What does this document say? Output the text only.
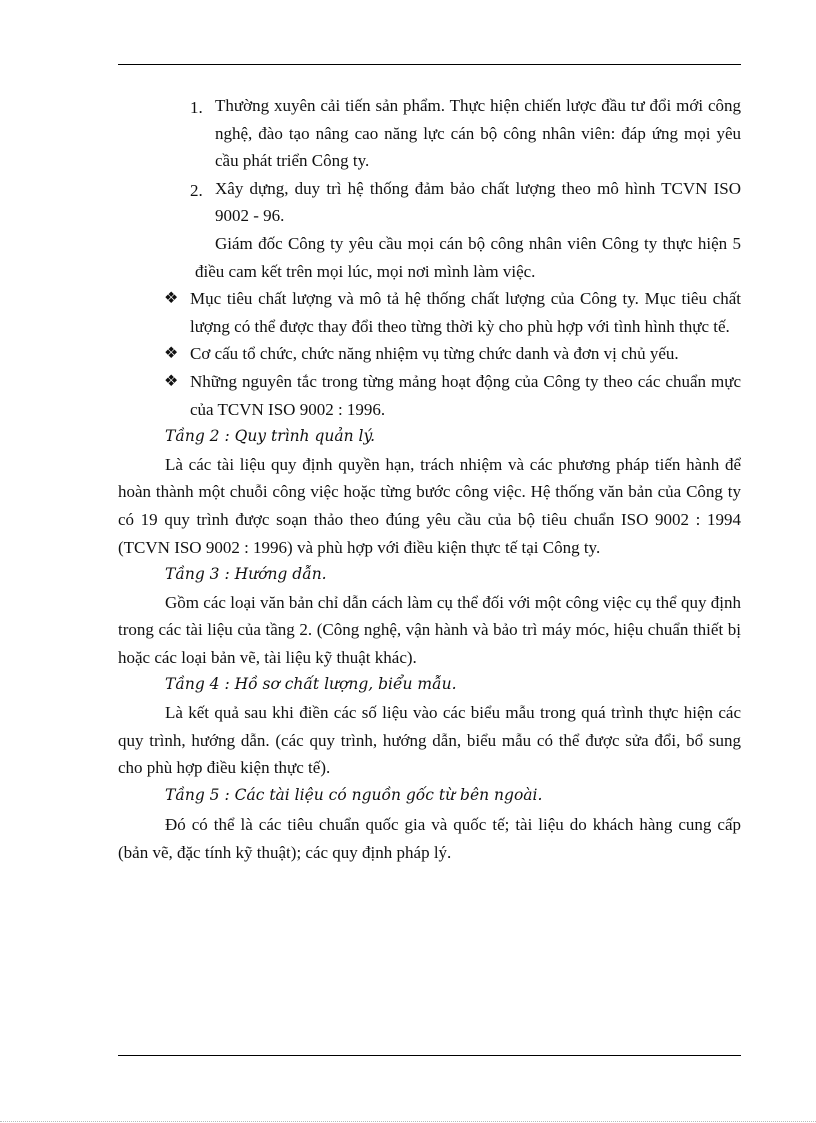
1. Thường xuyên cải tiến sản phẩm. Thực hiện chiến lược đầu tư đổi mới công nghệ, đào tạo nâng cao năng lực cán bộ công nhân viên: đáp ứng mọi yêu cầu phát triển Công ty.
2. Xây dựng, duy trì hệ thống đảm bảo chất lượng theo mô hình TCVN ISO 9002 - 96.
Giám đốc Công ty yêu cầu mọi cán bộ công nhân viên Công ty thực hiện 5 điều cam kết trên mọi lúc, mọi nơi mình làm việc.
❖ Mục tiêu chất lượng và mô tả hệ thống chất lượng của Công ty. Mục tiêu chất lượng có thể được thay đổi theo từng thời kỳ cho phù hợp với tình hình thực tế.
❖ Cơ cấu tổ chức, chức năng nhiệm vụ từng chức danh và đơn vị chủ yếu.
❖ Những nguyên tắc trong từng mảng hoạt động của Công ty theo các chuẩn mực của TCVN ISO 9002 : 1996.
Tầng 2 : Quy trình quản lý.
Là các tài liệu quy định quyền hạn, trách nhiệm và các phương pháp tiến hành để hoàn thành một chuỗi công việc hoặc từng bước công việc. Hệ thống văn bản của Công ty có 19 quy trình được soạn thảo theo đúng yêu cầu của bộ tiêu chuẩn ISO 9002 : 1994 (TCVN ISO 9002 : 1996) và phù hợp với điều kiện thực tế tại Công ty.
Tầng 3 : Hướng dẫn.
Gồm các loại văn bản chỉ dẫn cách làm cụ thể đối với một công việc cụ thể quy định trong các tài liệu của tầng 2. (Công nghệ, vận hành và bảo trì máy móc, hiệu chuẩn thiết bị hoặc các loại bản vẽ, tài liệu kỹ thuật khác).
Tầng 4 : Hồ sơ chất lượng, biểu mẫu.
Là kết quả sau khi điền các số liệu vào các biểu mẫu trong quá trình thực hiện các quy trình, hướng dẫn. (các quy trình, hướng dẫn, biểu mẫu có thể được sửa đổi, bổ sung cho phù hợp điều kiện thực tế).
Tầng 5 : Các tài liệu có nguồn gốc từ bên ngoài.
Đó có thể là các tiêu chuẩn quốc gia và quốc tế; tài liệu do khách hàng cung cấp (bản vẽ, đặc tính kỹ thuật); các quy định pháp lý.
